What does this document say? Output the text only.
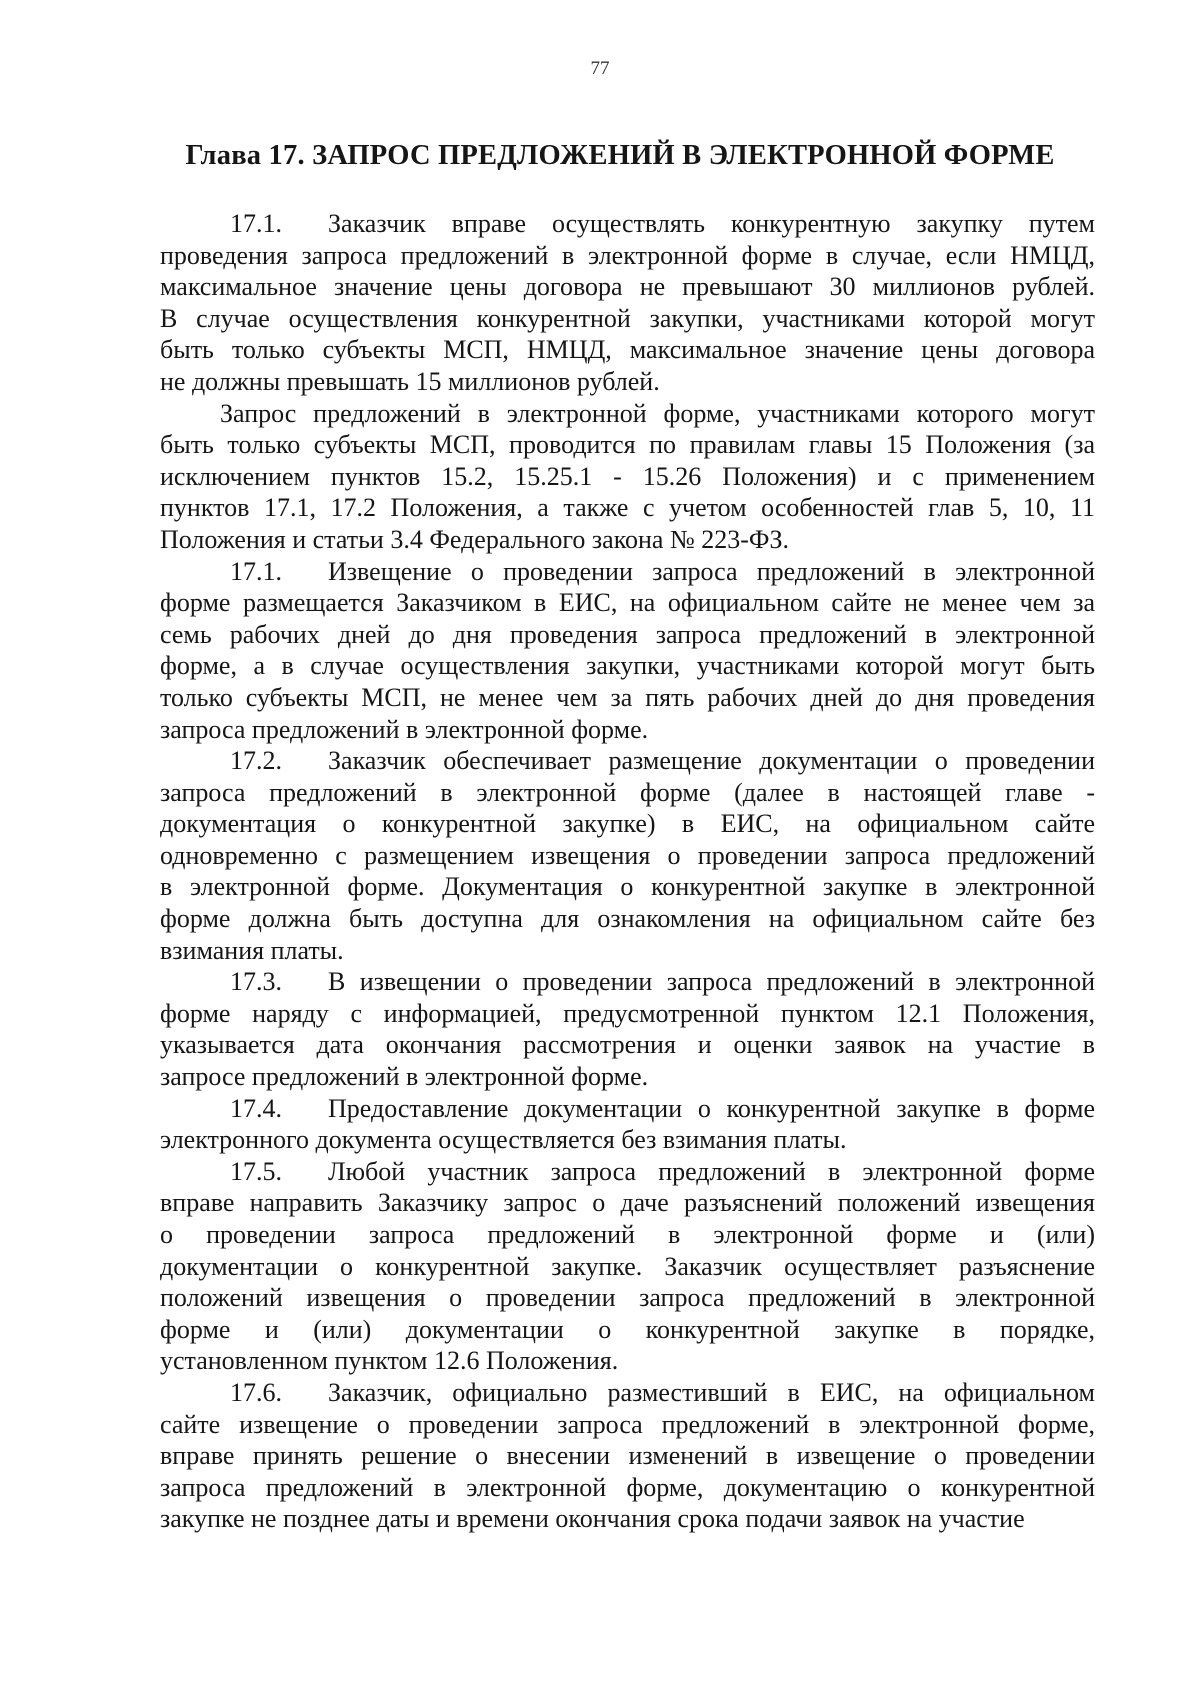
77
Глава 17. ЗАПРОС ПРЕДЛОЖЕНИЙ В ЭЛЕКТРОННОЙ ФОРМЕ
17.1. Заказчик вправе осуществлять конкурентную закупку путем
проведения запроса предложений в электронной форме в случае, если НМЦД,
максимальное значение цены договора не превышают 30 миллионов рублей.
В случае осуществления конкурентной закупки, участниками которой могут
быть только субъекты МСП, НМЦД, максимальное значение цены договора
не должны превышать 15 миллионов рублей.
Запрос предложений в электронной форме, участниками которого могут
быть только субъекты МСП, проводится по правилам главы 15 Положения (за
исключением пунктов 15.2, 15.25.1 - 15.26 Положения) и с применением
пунктов 17.1, 17.2 Положения, а также с учетом особенностей глав 5, 10, 11
Положения и статьи 3.4 Федерального закона № 223-ФЗ.
17.1. Извещение о проведении запроса предложений в электронной
форме размещается Заказчиком в ЕИС, на официальном сайте не менее чем за
семь рабочих дней до дня проведения запроса предложений в электронной
форме, а в случае осуществления закупки, участниками которой могут быть
только субъекты МСП, не менее чем за пять рабочих дней до дня проведения
запроса предложений в электронной форме.
17.2. Заказчик обеспечивает размещение документации о проведении
запроса предложений в электронной форме (далее в настоящей главе -
документация о конкурентной закупке) в ЕИС, на официальном сайте
одновременно с размещением извещения о проведении запроса предложений
в электронной форме. Документация о конкурентной закупке в электронной
форме должна быть доступна для ознакомления на официальном сайте без
взимания платы.
17.3. В извещении о проведении запроса предложений в электронной
форме наряду с информацией, предусмотренной пунктом 12.1 Положения,
указывается дата окончания рассмотрения и оценки заявок на участие в
запросе предложений в электронной форме.
17.4. Предоставление документации о конкурентной закупке в форме
электронного документа осуществляется без взимания платы.
17.5. Любой участник запроса предложений в электронной форме
вправе направить Заказчику запрос о даче разъяснений положений извещения
о проведении запроса предложений в электронной форме и (или)
документации о конкурентной закупке. Заказчик осуществляет разъяснение
положений извещения о проведении запроса предложений в электронной
форме и (или) документации о конкурентной закупке в порядке,
установленном пунктом 12.6 Положения.
17.6. Заказчик, официально разместивший в ЕИС, на официальном
сайте извещение о проведении запроса предложений в электронной форме,
вправе принять решение о внесении изменений в извещение о проведении
запроса предложений в электронной форме, документацию о конкурентной
закупке не позднее даты и времени окончания срока подачи заявок на участие
